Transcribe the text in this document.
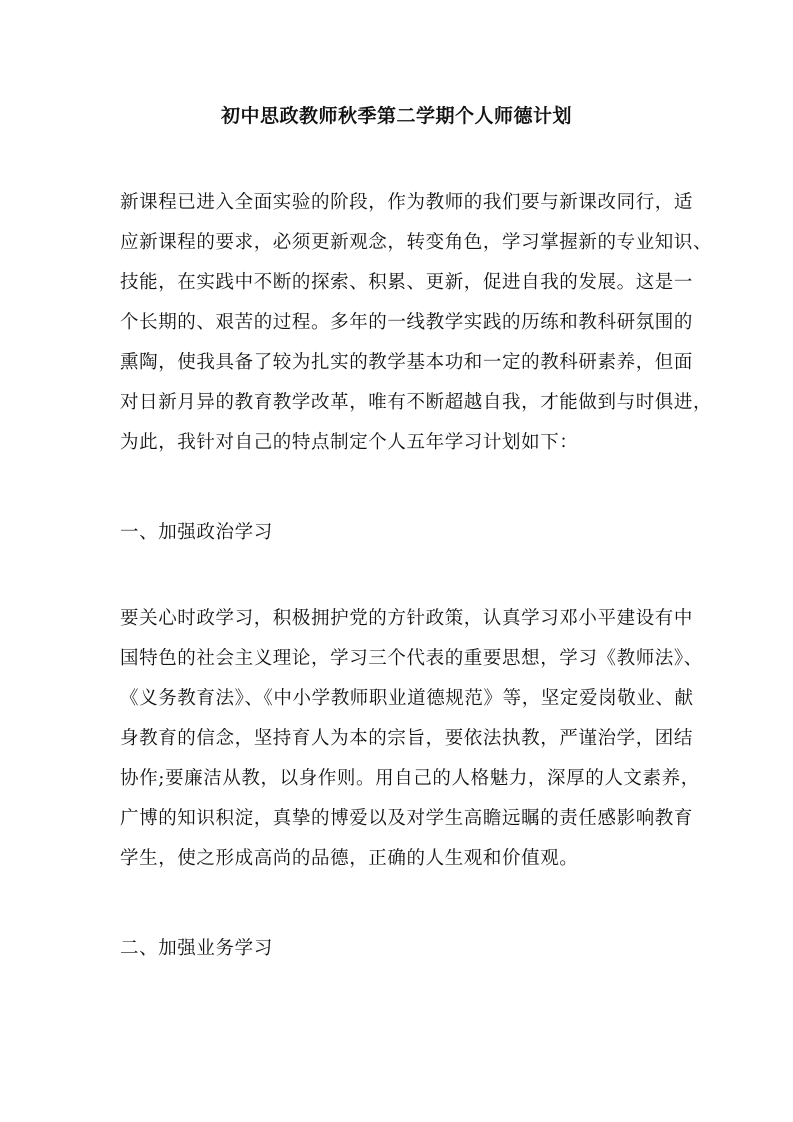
初中思政教师秋季第二学期个人师德计划
新课程已进入全面实验的阶段，作为教师的我们要与新课改同行，适
应新课程的要求，必须更新观念，转变角色，学习掌握新的专业知识、
技能，在实践中不断的探索、积累、更新，促进自我的发展。这是一
个长期的、艰苦的过程。多年的一线教学实践的历练和教科研氛围的
熏陶，使我具备了较为扎实的教学基本功和一定的教科研素养，但面
对日新月异的教育教学改革，唯有不断超越自我，才能做到与时俱进，
为此，我针对自己的特点制定个人五年学习计划如下：
一、加强政治学习
要关心时政学习，积极拥护党的方针政策，认真学习邓小平建设有中
国特色的社会主义理论，学习三个代表的重要思想，学习《教师法》、
《义务教育法》、《中小学教师职业道德规范》等，坚定爱岗敬业、献
身教育的信念，坚持育人为本的宗旨，要依法执教，严谨治学，团结
协作;要廉洁从教，以身作则。用自己的人格魅力，深厚的人文素养，
广博的知识积淀，真挚的博爱以及对学生高瞻远瞩的责任感影响教育
学生，使之形成高尚的品德，正确的人生观和价值观。
二、加强业务学习
